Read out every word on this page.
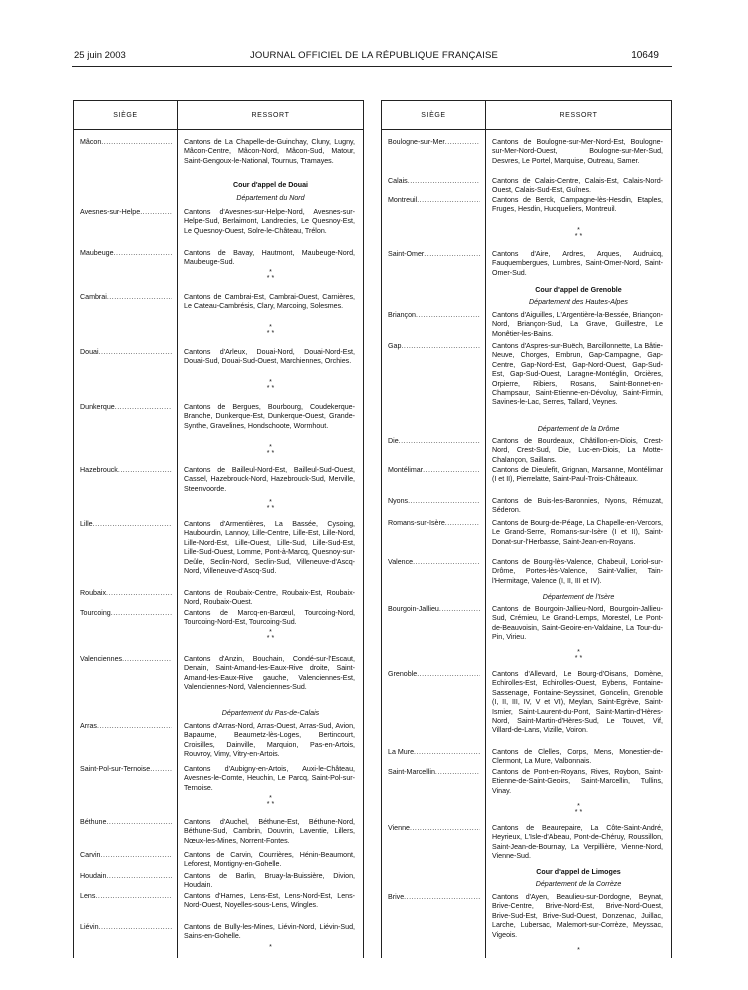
25 juin 2003	JOURNAL OFFICIEL DE LA RÉPUBLIQUE FRANÇAISE	10649
SIÈGE	RESSORT
Mâcon .....	Cantons de La Chapelle-de-Guinchay, Cluny, Lugny, Mâcon-Centre, Mâcon-Nord, Mâcon-Sud, Matour, Saint-Gengoux-le-National, Tournus, Tramayes.
Cour d'appel de Douai
Département du Nord
Avesnes-sur-Helpe .....	Cantons d'Avesnes-sur-Helpe-Nord, Avesnes-sur-Helpe-Sud, Berlaimont, Landrecies, Le Quesnoy-Est, Le Quesnoy-Ouest, Solre-le-Château, Trélon.
Maubeuge .....	Cantons de Bavay, Hautmont, Maubeuge-Nord, Maubeuge-Sud.
*
* *
Cambrai .....	Cantons de Cambrai-Est, Cambrai-Ouest, Carnières, Le Cateau-Cambrésis, Clary, Marcoing, Solesmes.
*
* *
Douai .....	Cantons d'Arleux, Douai-Nord, Douai-Nord-Est, Douai-Sud, Douai-Sud-Ouest, Marchiennes, Orchies.
*
* *
Dunkerque .....	Cantons de Bergues, Bourbourg, Coudekerque-Branche, Dunkerque-Est, Dunkerque-Ouest, Grande-Synthe, Gravelines, Hondschoote, Wormhout.
*
* *
Hazebrouck .....	Cantons de Bailleul-Nord-Est, Bailleul-Sud-Ouest, Cassel, Hazebrouck-Nord, Hazebrouck-Sud, Merville, Steenvoorde.
*
* *
Lille .....	Cantons d'Armentières, La Bassée, Cysoing, Haubourdin, Lannoy, Lille-Centre, Lille-Est, Lille-Nord, Lille-Nord-Est, Lille-Ouest, Lille-Sud, Lille-Sud-Est, Lille-Sud-Ouest, Lomme, Pont-à-Marcq, Quesnoy-sur-Deûle, Seclin-Nord, Seclin-Sud, Villeneuve-d'Ascq-Nord, Villeneuve-d'Ascq-Sud.
Roubaix .....	Cantons de Roubaix-Centre, Roubaix-Est, Roubaix-Nord, Roubaix-Ouest.
Tourcoing .....	Cantons de Marcq-en-Barœul, Tourcoing-Nord, Tourcoing-Nord-Est, Tourcoing-Sud.
*
* *
Valenciennes .....	Cantons d'Anzin, Bouchain, Condé-sur-l'Escaut, Denain, Saint-Amand-les-Eaux-Rive droite, Saint-Amand-les-Eaux-Rive gauche, Valenciennes-Est, Valenciennes-Nord, Valenciennes-Sud.
Département du Pas-de-Calais
Arras .....	Cantons d'Arras-Nord, Arras-Ouest, Arras-Sud, Avion, Bapaume, Beaumetz-lès-Loges, Bertincourt, Croisilles, Dainville, Marquion, Pas-en-Artois, Rouvroy, Vimy, Vitry-en-Artois.
Saint-Pol-sur-Ternoise .....	Cantons d'Aubigny-en-Artois, Auxi-le-Château, Avesnes-le-Comte, Heuchin, Le Parcq, Saint-Pol-sur-Ternoise.
*
* *
Béthune .....	Cantons d'Auchel, Béthune-Est, Béthune-Nord, Béthune-Sud, Cambrin, Douvrin, Laventie, Lillers, Nœux-les-Mines, Norrent-Fontes.
Carvin .....	Cantons de Carvin, Courrières, Hénin-Beaumont, Leforest, Montigny-en-Gohelle.
Houdain .....	Cantons de Barlin, Bruay-la-Buissière, Divion, Houdain.
Lens .....	Cantons d'Harnes, Lens-Est, Lens-Nord-Est, Lens-Nord-Ouest, Noyelles-sous-Lens, Wingles.
Liévin .....	Cantons de Bully-les-Mines, Liévin-Nord, Liévin-Sud, Sains-en-Gohelle.
*
SIÈGE	RESSORT
Boulogne-sur-Mer .....	Cantons de Boulogne-sur-Mer-Nord-Est, Boulogne-sur-Mer-Nord-Ouest, Boulogne-sur-Mer-Sud, Desvres, Le Portel, Marquise, Outreau, Samer.
Calais .....	Cantons de Calais-Centre, Calais-Est, Calais-Nord-Ouest, Calais-Sud-Est, Guînes.
Montreuil .....	Cantons de Berck, Campagne-lès-Hesdin, Etaples, Fruges, Hesdin, Hucqueliers, Montreuil.
*
* *
Saint-Omer .....	Cantons d'Aire, Ardres, Arques, Audruicq, Fauquembergues, Lumbres, Saint-Omer-Nord, Saint-Omer-Sud.
Cour d'appel de Grenoble
Département des Hautes-Alpes
Briançon .....	Cantons d'Aiguilles, L'Argentière-la-Bessée, Briançon-Nord, Briançon-Sud, La Grave, Guillestre, Le Monêtier-les-Bains.
Gap .....	Cantons d'Aspres-sur-Buëch, Barcillonnette, La Bâtie-Neuve, Chorges, Embrun, Gap-Campagne, Gap-Centre, Gap-Nord-Est, Gap-Nord-Ouest, Gap-Sud-Est, Gap-Sud-Ouest, Laragne-Montéglin, Orcières, Orpierre, Ribiers, Rosans, Saint-Bonnet-en-Champsaur, Saint-Etienne-en-Dévoluy, Saint-Firmin, Savines-le-Lac, Serres, Tallard, Veynes.
Département de la Drôme
Die .....	Cantons de Bourdeaux, Châtillon-en-Diois, Crest-Nord, Crest-Sud, Die, Luc-en-Diois, La Motte-Chalançon, Saillans.
Montélimar .....	Cantons de Dieulefit, Grignan, Marsanne, Montélimar (I et II), Pierrelatte, Saint-Paul-Trois-Châteaux.
Nyons .....	Cantons de Buis-les-Baronnies, Nyons, Rémuzat, Séderon.
Romans-sur-Isère .....	Cantons de Bourg-de-Péage, La Chapelle-en-Vercors, Le Grand-Serre, Romans-sur-Isère (I et II), Saint-Donat-sur-l'Herbasse, Saint-Jean-en-Royans.
Valence .....	Cantons de Bourg-lès-Valence, Chabeuil, Loriol-sur-Drôme, Portes-lès-Valence, Saint-Vallier, Tain-l'Hermitage, Valence (I, II, III et IV).
Département de l'Isère
Bourgoin-Jallieu .....	Cantons de Bourgoin-Jallieu-Nord, Bourgoin-Jallieu-Sud, Crémieu, Le Grand-Lemps, Morestel, Le Pont-de-Beauvoisin, Saint-Geoire-en-Valdaine, La Tour-du-Pin, Virieu.
*
* *
Grenoble .....	Cantons d'Allevard, Le Bourg-d'Oisans, Domène, Echirolles-Est, Echirolles-Ouest, Eybens, Fontaine-Sassenage, Fontaine-Seyssinet, Goncelin, Grenoble (I, II, III, IV, V et VI), Meylan, Saint-Egrève, Saint-Ismier, Saint-Laurent-du-Pont, Saint-Martin-d'Hères-Nord, Saint-Martin-d'Hères-Sud, Le Touvet, Vif, Villard-de-Lans, Vizille, Voiron.
La Mure .....	Cantons de Clelles, Corps, Mens, Monestier-de-Clermont, La Mure, Valbonnais.
Saint-Marcellin .....	Cantons de Pont-en-Royans, Rives, Roybon, Saint-Etienne-de-Saint-Geoirs, Saint-Marcellin, Tullins, Vinay.
*
* *
Vienne .....	Cantons de Beaurepaire, La Côte-Saint-André, Heyrieux, L'Isle-d'Abeau, Pont-de-Chéruy, Roussillon, Saint-Jean-de-Bournay, La Verpillière, Vienne-Nord, Vienne-Sud.
Cour d'appel de Limoges
Département de la Corrèze
Brive .....	Cantons d'Ayen, Beaulieu-sur-Dordogne, Beynat, Brive-Centre, Brive-Nord-Est, Brive-Nord-Ouest, Brive-Sud-Est, Brive-Sud-Ouest, Donzenac, Juillac, Larche, Lubersac, Malemort-sur-Corrèze, Meyssac, Vigeois.
*
